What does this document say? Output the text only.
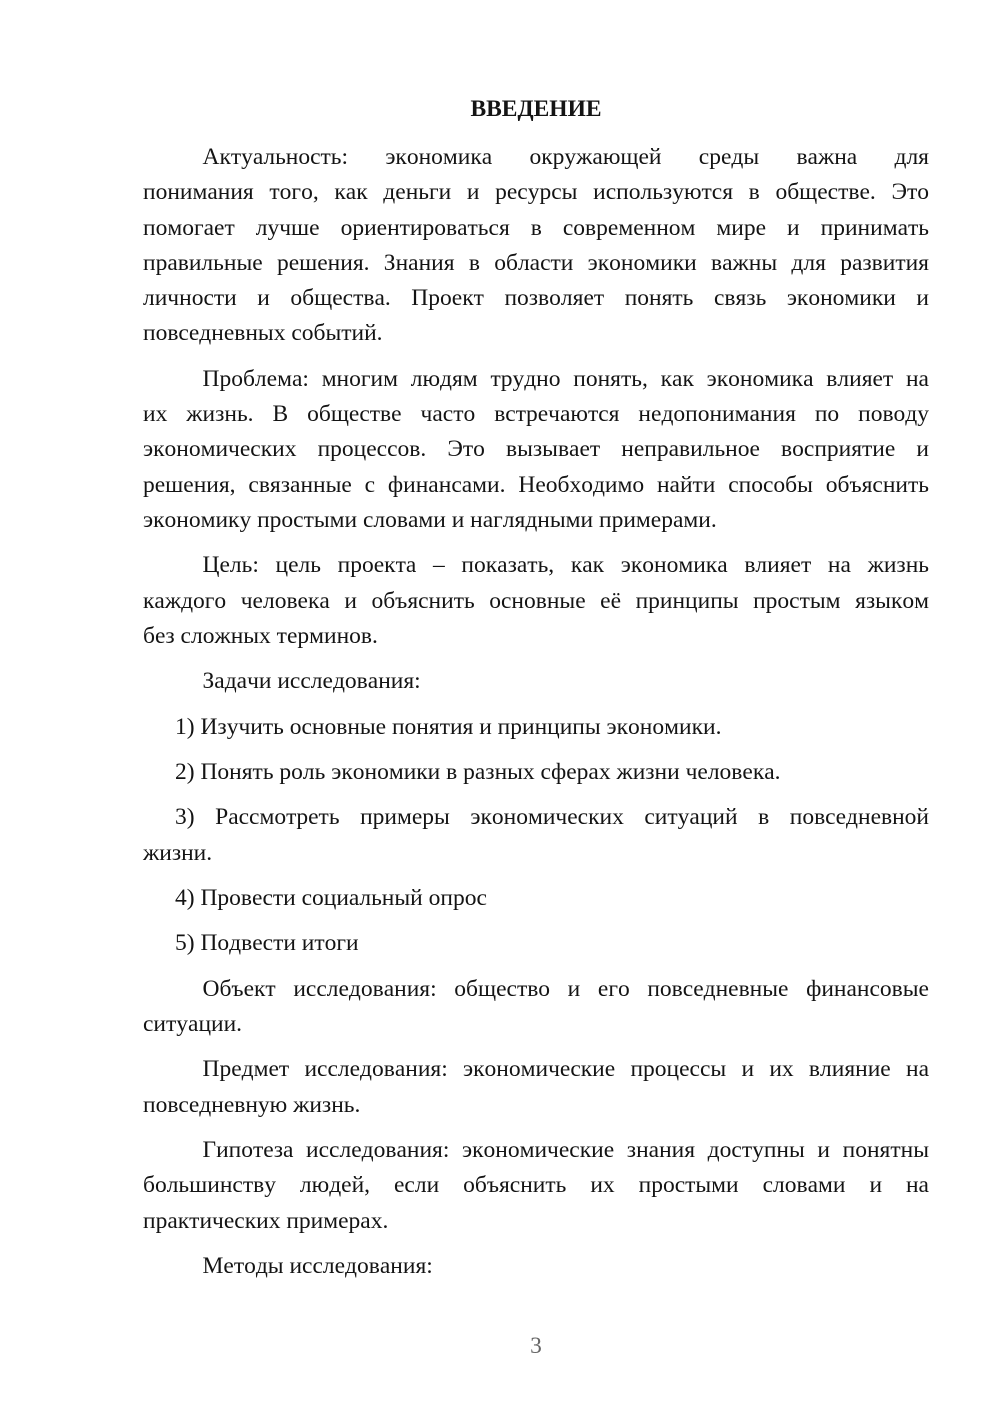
ВВЕДЕНИЕ
Актуальность: экономика окружающей среды важна для
понимания того, как деньги и ресурсы используются в обществе. Это
помогает лучше ориентироваться в современном мире и принимать
правильные решения. Знания в области экономики важны для развития
личности и общества. Проект позволяет понять связь экономики и
повседневных событий.
Проблема: многим людям трудно понять, как экономика влияет на
их жизнь. В обществе часто встречаются недопонимания по поводу
экономических процессов. Это вызывает неправильное восприятие и
решения, связанные с финансами. Необходимо найти способы объяснить
экономику простыми словами и наглядными примерами.
Цель: цель проекта – показать, как экономика влияет на жизнь
каждого человека и объяснить основные её принципы простым языком
без сложных терминов.
Задачи исследования:
1) Изучить основные понятия и принципы экономики.
2) Понять роль экономики в разных сферах жизни человека.
3) Рассмотреть примеры экономических ситуаций в повседневной
жизни.
4) Провести социальный опрос
5) Подвести итоги
Объект исследования: общество и его повседневные финансовые
ситуации.
Предмет исследования: экономические процессы и их влияние на
повседневную жизнь.
Гипотеза исследования: экономические знания доступны и понятны
большинству людей, если объяснить их простыми словами и на
практических примерах.
Методы исследования:
3
